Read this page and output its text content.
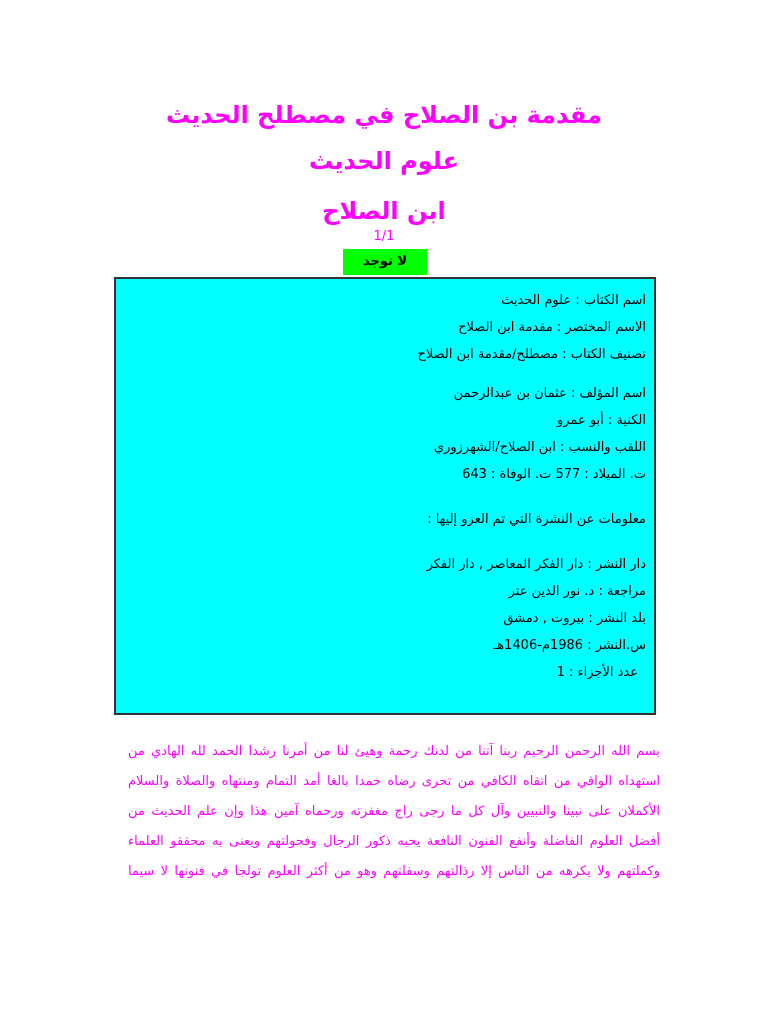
مقدمة بن الصلاح في مصطلح الحديث
علوم الحديث
ابن الصلاح
1/1
لا توجد
اسم الكتاب : علوم الحديث
الاسم المختصر : مقدمة ابن الصلاح
تصنيف الكتاب : مصطلح/مقدمة ابن الصلاح
اسم المؤلف : عثمان بن عبدالرحمن
الكنية : أبو عمرو
اللقب والنسب : ابن الصلاح/الشهرزوري
ت. الميلاد : 577 ت. الوفاة : 643
معلومات عن النشرة التي تم العزو إليها :
دار النشر : دار الفكر المعاصر , دار الفكر
مراجعة : د. نور الدين عتر
بلد النشر : بيروت , دمشق
س.النشر : 1986م-1406هـ
عدد الأجزاء : 1
بسم الله الرحمن الرحيم ربنا آتنا من لدنك رحمة وهيئ لنا من أمرنا رشدا الحمد لله الهادي من
استهداه الواقي من اتقاه الكافي من تحرى رضاه حمدا بالغا أمد التمام ومنتهاه والصلاة والسلام
الأكملان على نبينا والنبيين وآل كل ما رجى راج مغفرته ورحماه آمين هذا وإن علم الحديث من
أفضل العلوم الفاضلة وأنفع الفنون النافعة يحبه ذكور الرجال وفحولتهم ويعنى به محققو العلماء
وكملتهم ولا يكرهه من الناس إلا رذالتهم وسفلتهم وهو من أكثر العلوم تولجا في فنونها لا سيما
